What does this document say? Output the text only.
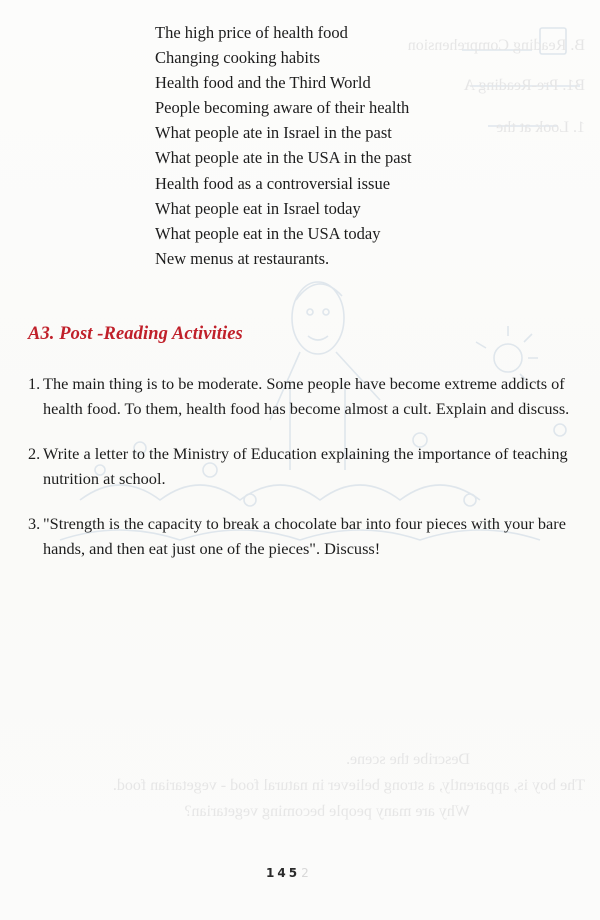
B. Reading Comprehension
B1. Pre-Reading A
1. Look at the
Describe the scene.
The boy is, apparently, a strong believer in natural food - vegetarian food.
Why are many people becoming vegetarian?
The high price of health food
Changing cooking habits
Health food and the Third World
People becoming aware of their health
What people ate in Israel in the past
What people ate in the USA in the past
Health food as a controversial issue
What people eat in Israel today
What people eat in the USA today
New menus at restaurants.
A3. Post -Reading Activities
1. The main thing is to be moderate. Some people have become extreme addicts of health food. To them, health food has become almost a cult. Explain and discuss.
2. Write a letter to the Ministry of Education explaining the importance of teaching nutrition at school.
3. "Strength is the capacity to break a chocolate bar into four pieces with your bare hands, and then eat just one of the pieces". Discuss!
1452
